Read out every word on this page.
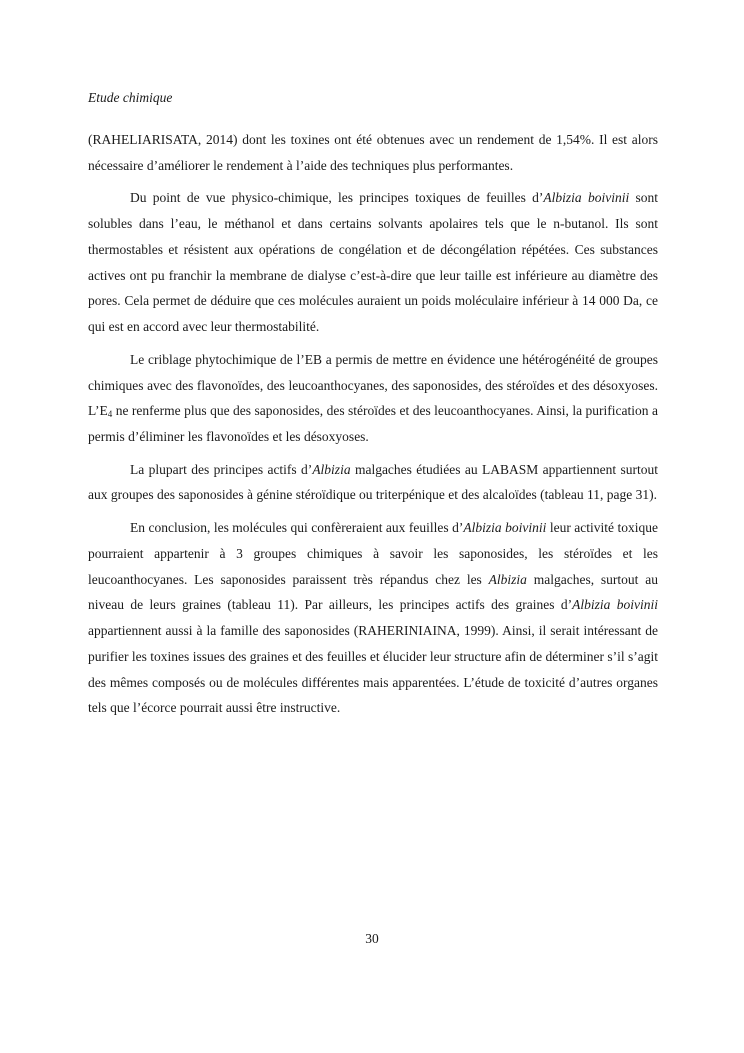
Etude chimique

(RAHELIARISATA, 2014) dont les toxines ont été obtenues avec un rendement de 1,54%. Il est alors nécessaire d’améliorer le rendement à l’aide des techniques plus performantes.

Du point de vue physico-chimique, les principes toxiques de feuilles d’Albizia boivinii sont solubles dans l’eau, le méthanol et dans certains solvants apolaires tels que le n-butanol. Ils sont thermostables et résistent aux opérations de congélation et de décongélation répétées. Ces substances actives ont pu franchir la membrane de dialyse c’est-à-dire que leur taille est inférieure au diamètre des pores. Cela permet de déduire que ces molécules auraient un poids moléculaire inférieur à 14 000 Da, ce qui est en accord avec leur thermostabilité.

Le criblage phytochimique de l’EB a permis de mettre en évidence une hétérogénéité de groupes chimiques avec des flavonoïdes, des leucoanthocyanes, des saponosides, des stéroïdes et des désoxyoses. $L’E_4$ ne renferme plus que des saponosides, des stéroïdes et des leucoanthocyanes. Ainsi, la purification a permis d’éliminer les flavonoïdes et les désoxyoses.

La plupart des principes actifs d’Albizia malgaches étudiées au LABASM appartiennent surtout aux groupes des saponosides à génine stéroïdique ou triterpénique et des alcaloïdes (tableau 11, page 31).

En conclusion, les molécules qui confèreraient aux feuilles d’Albizia boivinii leur activité toxique pourraient appartenir à 3 groupes chimiques à savoir les saponosides, les stéroïdes et les leucoanthocyanes. Les saponosides paraissent très répandus chez les Albizia malgaches, surtout au niveau de leurs graines (tableau 11). Par ailleurs, les principes actifs des graines d’Albizia boivinii appartiennent aussi à la famille des saponosides (RAHERINIAINA, 1999). Ainsi, il serait intéressant de purifier les toxines issues des graines et des feuilles et élucider leur structure afin de déterminer s’il s’agit des mêmes composés ou de molécules différentes mais apparentées. L’étude de toxicité d’autres organes tels que l’écorce pourrait aussi être instructive.

30
